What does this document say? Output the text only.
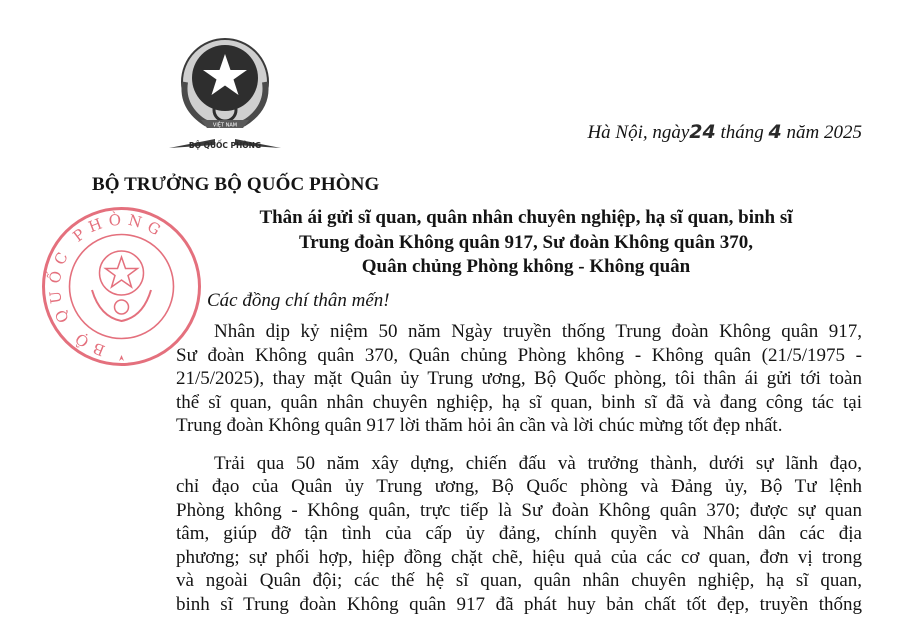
VIỆT NAM
BỘ QUỐC PHÒNG
BỘ QUỐC PHÒNG
Hà Nội, ngày24 tháng 4 năm 2025
BỘ TRƯỞNG BỘ QUỐC PHÒNG
Thân ái gửi sĩ quan, quân nhân chuyên nghiệp, hạ sĩ quan, binh sĩ
Trung đoàn Không quân 917, Sư đoàn Không quân 370,
Quân chủng Phòng không - Không quân
Các đồng chí thân mến!
Nhân dịp kỷ niệm 50 năm Ngày truyền thống Trung đoàn Không quân 917,
Sư đoàn Không quân 370, Quân chủng Phòng không - Không quân (21/5/1975 -
21/5/2025), thay mặt Quân ủy Trung ương, Bộ Quốc phòng, tôi thân ái gửi tới toàn
thể sĩ quan, quân nhân chuyên nghiệp, hạ sĩ quan, binh sĩ đã và đang công tác tại
Trung đoàn Không quân 917 lời thăm hỏi ân cần và lời chúc mừng tốt đẹp nhất.
Trải qua 50 năm xây dựng, chiến đấu và trưởng thành, dưới sự lãnh đạo,
chỉ đạo của Quân ủy Trung ương, Bộ Quốc phòng và Đảng ủy, Bộ Tư lệnh
Phòng không - Không quân, trực tiếp là Sư đoàn Không quân 370; được sự quan
tâm, giúp đỡ tận tình của cấp ủy đảng, chính quyền và Nhân dân các địa
phương; sự phối hợp, hiệp đồng chặt chẽ, hiệu quả của các cơ quan, đơn vị trong
và ngoài Quân đội; các thế hệ sĩ quan, quân nhân chuyên nghiệp, hạ sĩ quan,
binh sĩ Trung đoàn Không quân 917 đã phát huy bản chất tốt đẹp, truyền thống
